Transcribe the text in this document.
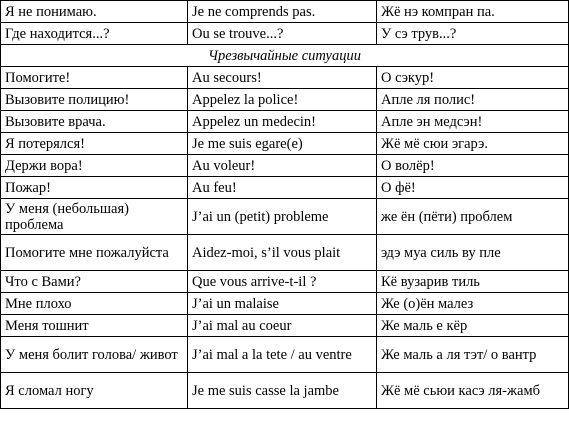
Я не понимаю.	Je ne comprends pas.	Жё нэ компран па.
Где находится...?	Ou se trouve...?	У сэ трув...?
Чрезвычайные ситуации		
Помогите!	Au secours!	О сэкур!
Вызовите полицию!	Appelez la police!	Апле ля полис!
Вызовите врача.	Appelez un medecin!	Апле эн медсэн!
Я потерялся!	Je me suis egare(e)	Жё мё сюи эгарэ.
Держи вора!	Au voleur!	О волёр!
Пожар!	Au feu!	О фё!
У меня (небольшая) проблема	J’ai un (petit) probleme	же ён (пёти) проблем
Помогите мне пожалуйста	Aidez-moi, s’il vous plait	эдэ муа силь ву пле
Что с Вами?	Que vous arrive-t-il ?	Кё вузарив тиль
Мне плохо	J’ai un malaise	Же (о)ён малез
Меня тошнит	J’ai mal au coeur	Же маль е кёр
У меня болит голова/ живот	J’ai mal a la tete / au ventre	Же маль а ля тэт/ о вантр
Я сломал ногу	Je me suis casse la jambe	Жё мё сьюи касэ ля-жамб
